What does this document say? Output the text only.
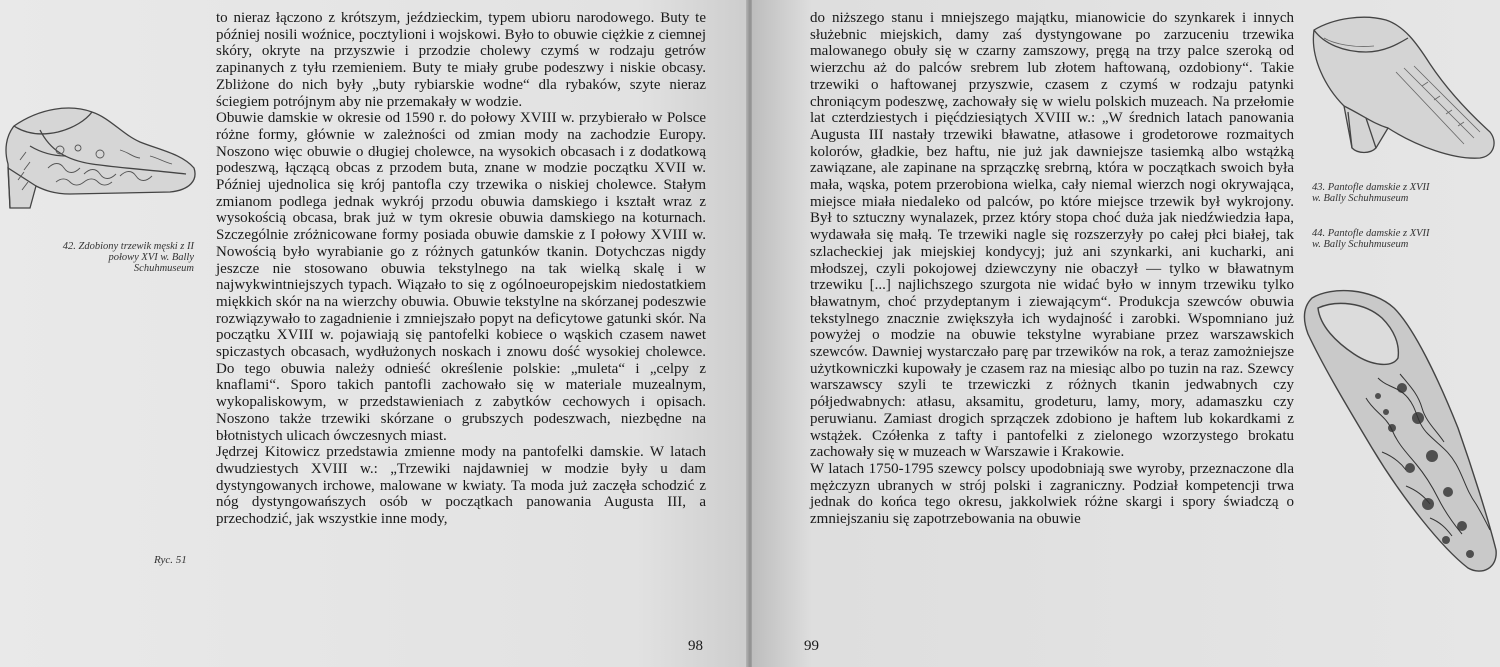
to nieraz łączono z krótszym, jeździeckim, typem ubioru narodowego. Buty te później nosili woźnice, pocztylioni i wojskowi. Było to obuwie ciężkie z ciemnej skóry, okryte na przyszwie i przodzie cholewy czymś w rodzaju getrów zapinanych z tyłu rzemieniem. Buty te miały grube podeszwy i niskie obcasy. Zbliżone do nich były „buty rybiarskie wodne“ dla rybaków, szyte nieraz ściegiem potrójnym aby nie przemakały w wodzie.

Obuwie damskie w okresie od 1590 r. do połowy XVIII w. przybierało w Polsce różne formy, głównie w zależności od zmian mody na zachodzie Europy. Noszono więc obuwie o długiej cholewce, na wysokich obcasach i z dodatkową podeszwą, łączącą obcas z przodem buta, znane w modzie początku XVII w. Później ujednolica się krój pantofla czy trzewika o niskiej cholewce. Stałym zmianom podlega jednak wykrój przodu obuwia damskiego i kształt wraz z wysokością obcasa, brak już w tym okresie obuwia damskiego na koturnach. Szczególnie zróżnicowane formy posiada obuwie damskie z I połowy XVIII w. Nowością było wyrabianie go z różnych gatunków tkanin. Dotychczas nigdy jeszcze nie stosowano obuwia tekstylnego na tak wielką skalę i w najwykwintniejszych typach. Wiązało to się z ogólnoeuropejskim niedostatkiem miękkich skór na na wierzchy obuwia. Obuwie tekstylne na skórzanej podeszwie rozwiązywało to zagadnienie i zmniejszało popyt na deficytowe gatunki skór. Na początku XVIII w. pojawiają się pantofelki kobiece o wąskich czasem nawet spiczastych obcasach, wydłużonych noskach i znowu dość wysokiej cholewce. Do tego obuwia należy odnieść określenie polskie: „muleta“ i „celpy z knaflami“. Sporo takich pantofli zachowało się w materiale muzealnym, wykopaliskowym, w przedstawieniach z zabytków cechowych i opisach. Noszono także trzewiki skórzane o grubszych podeszwach, niezbędne na błotnistych ulicach ówczesnych miast.

Jędrzej Kitowicz przedstawia zmienne mody na pantofelki damskie. W latach dwudziestych XVIII w.: „Trzewiki najdawniej w modzie były u dam dystyngowanych irchowe, malowane w kwiaty. Ta moda już zaczęła schodzić z nóg dystyngowańszych osób w początkach panowania Augusta III, a przechodzić, jak wszystkie inne mody,

42. Zdobiony trzewik męski z II połowy XVI w. Bally Schuhmuseum
Ryc. 51
98

do niższego stanu i mniejszego majątku, mianowicie do szynkarek i innych służebnic miejskich, damy zaś dystyngowane po zarzuceniu trzewika malowanego obuły się w czarny zamszowy, pręgą na trzy palce szeroką od wierzchu aż do palców srebrem lub złotem haftowaną, ozdobiony“. Takie trzewiki o haftowanej przyszwie, czasem z czymś w rodzaju patynki chroniącym podeszwę, zachowały się w wielu polskich muzeach. Na przełomie lat czterdziestych i pięćdziesiątych XVIII w.: „W średnich latach panowania Augusta III nastały trzewiki bławatne, atłasowe i grodetorowe rozmaitych kolorów, gładkie, bez haftu, nie już jak dawniejsze tasiemką albo wstążką zawiązane, ale zapinane na sprzączkę srebrną, która w początkach swoich była mała, wąska, potem przerobiona wielka, cały niemal wierzch nogi okrywająca, miejsce miała niedaleko od palców, po które miejsce trzewik był wykrojony. Był to sztuczny wynalazek, przez który stopa choć duża jak niedźwiedzia łapa, wydawała się małą. Te trzewiki nagle się rozszerzyły po całej płci białej, tak szlacheckiej jak miejskiej kondycyj; już ani szynkarki, ani kucharki, ani młodszej, czyli pokojowej dziewczyny nie obaczył — tylko w bławatnym trzewiku [...] najlichszego szurgota nie widać było w innym trzewiku tylko bławatnym, choć przydeptanym i ziewającym“. Produkcja szewców obuwia tekstylnego znacznie zwiększyła ich wydajność i zarobki. Wspomniano już powyżej o modzie na obuwie tekstylne wyrabiane przez warszawskich szewców. Dawniej wystarczało parę par trzewików na rok, a teraz zamożniejsze użytkowniczki kupowały je czasem raz na miesiąc albo po tuzin na raz. Szewcy warszawscy szyli te trzewiczki z różnych tkanin jedwabnych czy półjedwabnych: atłasu, aksamitu, grodeturu, lamy, mory, adamaszku czy peruwianu. Zamiast drogich sprzączek zdobiono je haftem lub kokardkami z wstążek. Czółenka z tafty i pantofelki z zielonego wzorzystego brokatu zachowały się w muzeach w Warszawie i Krakowie.

W latach 1750-1795 szewcy polscy upodobniają swe wyroby, przeznaczone dla mężczyzn ubranych w strój polski i zagraniczny. Podział kompetencji trwa jednak do końca tego okresu, jakkolwiek różne skargi i spory świadczą o zmniejszaniu się zapotrzebowania na obuwie

43. Pantofle damskie z XVII w. Bally Schuhmuseum
44. Pantofle damskie z XVII w. Bally Schuhmuseum
99
